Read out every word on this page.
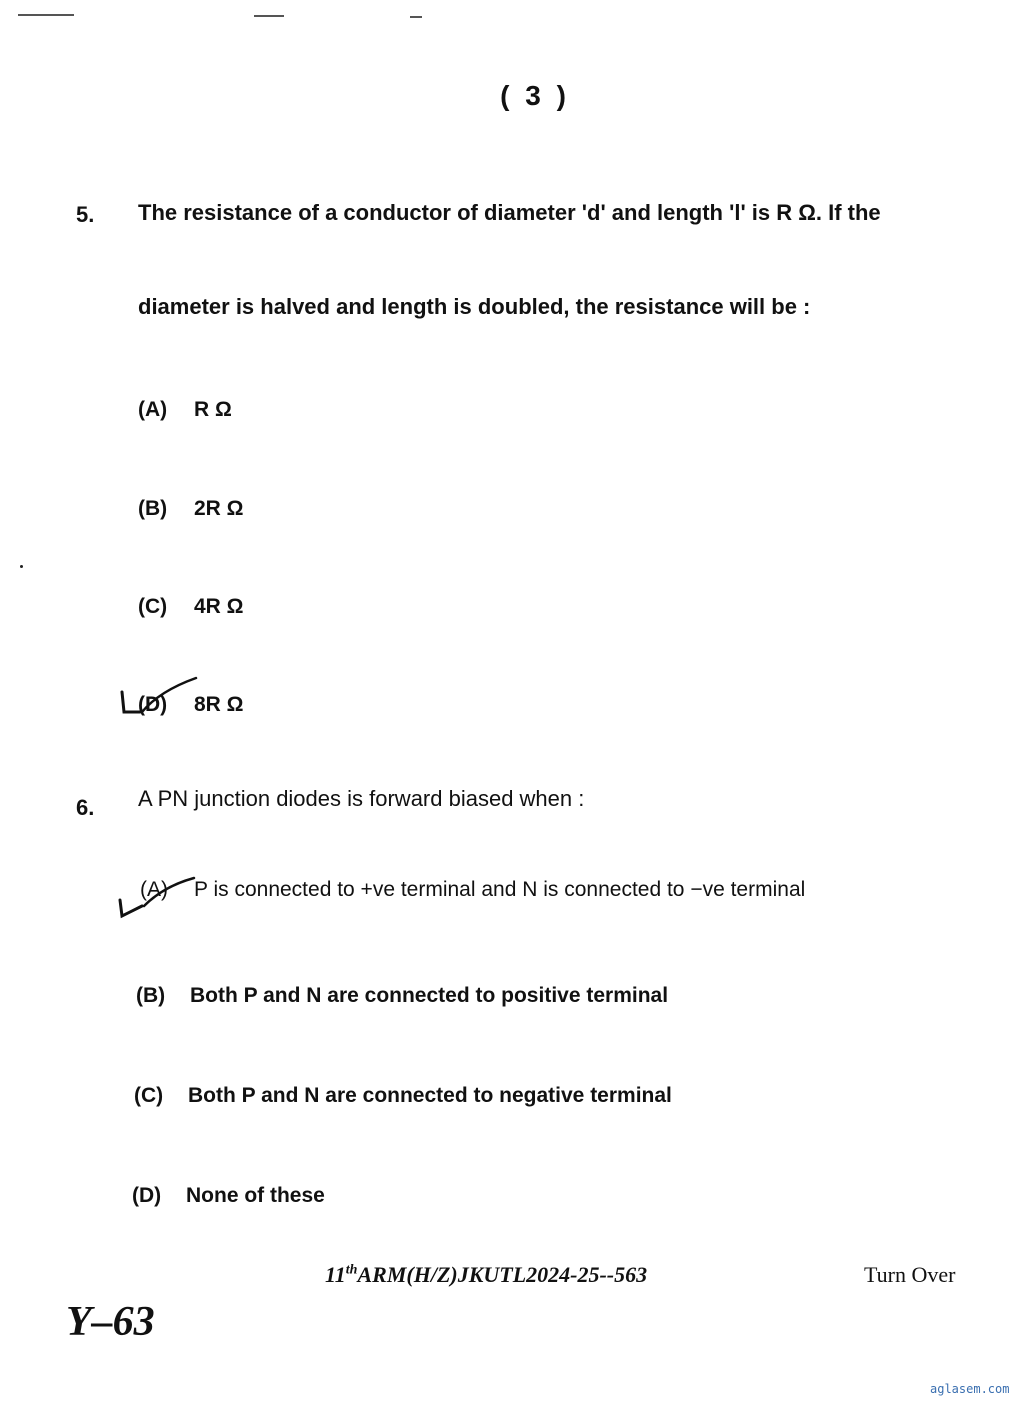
( 3 )
5. The resistance of a conductor of diameter 'd' and length 'l' is R Ω. If the
diameter is halved and length is doubled, the resistance will be :
(A) R Ω
(B) 2R Ω
(C) 4R Ω
(D) 8R Ω
6. A PN junction diodes is forward biased when :
(A) P is connected to +ve terminal and N is connected to −ve terminal
(B) Both P and N are connected to positive terminal
(C) Both P and N are connected to negative terminal
(D) None of these
11thARM(H/Z)JKUTL2024-25--563	Turn Over
Y–63
aglasem.com
